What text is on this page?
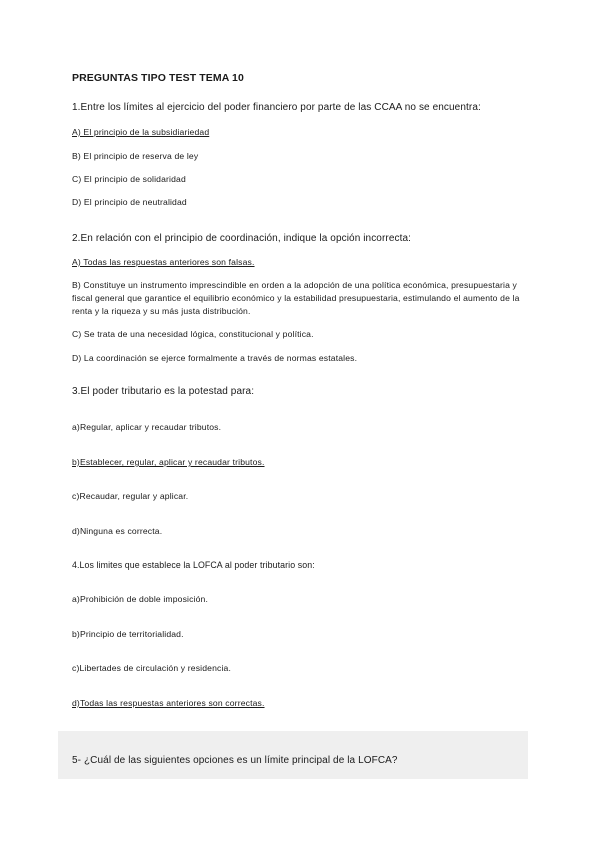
PREGUNTAS TIPO TEST TEMA 10
1.Entre los límites al ejercicio del poder financiero por parte de las CCAA no se encuentra:
A) El principio de la subsidiariedad
B) El principio de reserva de ley
C) El principio de solidaridad
D) El principio de neutralidad
2.En relación con el principio de coordinación, indique la opción incorrecta:
A) Todas las respuestas anteriores son falsas.
B) Constituye un instrumento imprescindible en orden a la adopción de una política económica, presupuestaria y fiscal general que garantice el equilibrio económico y la estabilidad presupuestaria, estimulando el aumento de la renta y la riqueza y su más justa distribución.
C) Se trata de una necesidad lógica, constitucional y política.
D) La coordinación se ejerce formalmente a través de normas estatales.
3.El poder tributario es la potestad para:
a)Regular, aplicar y recaudar tributos.
b)Establecer, regular, aplicar y recaudar tributos.
c)Recaudar, regular y aplicar.
d)Ninguna es correcta.
4.Los limites que establece la LOFCA al poder tributario son:
a)Prohibición de doble imposición.
b)Principio de territorialidad.
c)Libertades de circulación y residencia.
d)Todas las respuestas anteriores son correctas.
5- ¿Cuál de las siguientes opciones es un límite principal de la LOFCA?
